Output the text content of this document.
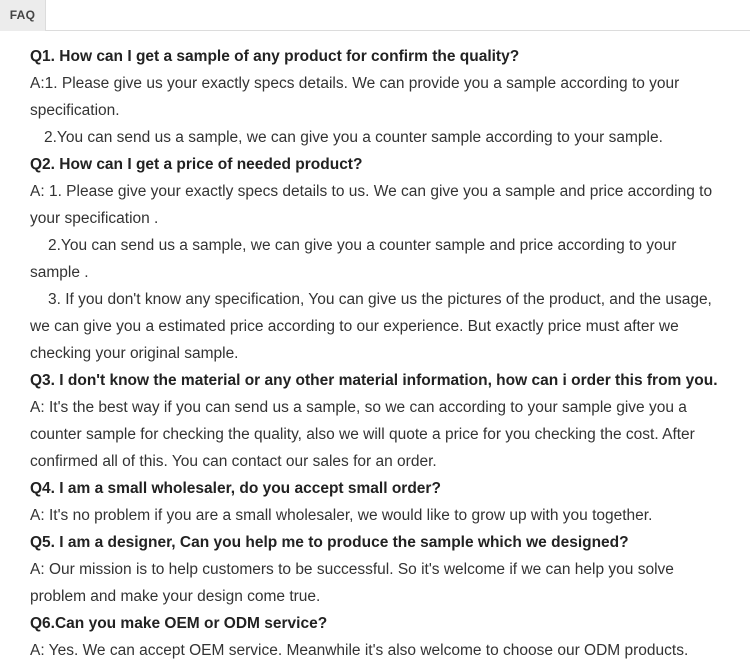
FAQ
Q1. How can I get a sample of any product for confirm the quality?
A:1. Please give us your exactly specs details. We can provide you a sample according to your
specification.
2.You can send us a sample, we can give you a counter sample according to your sample.
Q2. How can I get a price of needed product?
A: 1. Please give your exactly specs details to us. We can give you a sample and price according to
your specification .
2.You can send us a sample, we can give you a counter sample and price according to your
sample .
3. If you don't know any specification, You can give us the pictures of the product, and the usage,
we can give you a estimated price according to our experience. But exactly price must after we
checking your original sample.
Q3. I don't know the material or any other material information, how can i order this from you.
A: It's the best way if you can send us a sample, so we can according to your sample give you a
counter sample for checking the quality, also we will quote a price for you checking the cost. After
confirmed all of this. You can contact our sales for an order.
Q4. I am a small wholesaler, do you accept small order?
A: It's no problem if you are a small wholesaler, we would like to grow up with you together.
Q5. I am a designer, Can you help me to produce the sample which we designed?
A: Our mission is to help customers to be successful. So it's welcome if we can help you solve
problem and make your design come true.
Q6.Can you make OEM or ODM service?
A: Yes. We can accept OEM service. Meanwhile it's also welcome to choose our ODM products.
